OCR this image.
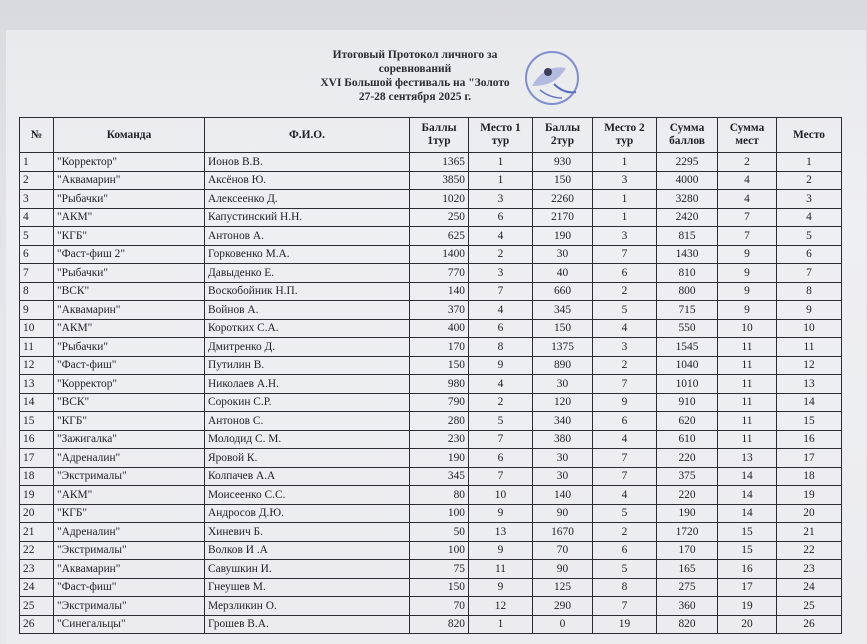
Итоговый Протокол личного за
соревнований
XVI Большой фестиваль на "Золото
27-28 сентября 2025 г.
№	Команда	Ф.И.О.	Баллы 1тур	Место 1 тур	Баллы 2тур	Место 2 тур	Сумма баллов	Сумма мест	Место
1	"Корректор"	Ионов В.В.	1365	1	930	1	2295	2	1
2	"Аквамарин"	Аксёнов Ю.	3850	1	150	3	4000	4	2
3	"Рыбачки"	Алексеенко Д.	1020	3	2260	1	3280	4	3
4	"АКМ"	Капустинский Н.Н.	250	6	2170	1	2420	7	4
5	"КГБ"	Антонов А.	625	4	190	3	815	7	5
6	"Фаст-фиш 2"	Горковенко М.А.	1400	2	30	7	1430	9	6
7	"Рыбачки"	Давыденко Е.	770	3	40	6	810	9	7
8	"ВСК"	Воскобойник Н.П.	140	7	660	2	800	9	8
9	"Аквамарин"	Войнов А.	370	4	345	5	715	9	9
10	"АКМ"	Коротких С.А.	400	6	150	4	550	10	10
11	"Рыбачки"	Дмитренко Д.	170	8	1375	3	1545	11	11
12	"Фаст-фиш"	Путилин В.	150	9	890	2	1040	11	12
13	"Корректор"	Николаев А.Н.	980	4	30	7	1010	11	13
14	"ВСК"	Сорокин С.Р.	790	2	120	9	910	11	14
15	"КГБ"	Антонов С.	280	5	340	6	620	11	15
16	"Зажигалка"	Молодид С. М.	230	7	380	4	610	11	16
17	"Адреналин"	Яровой К.	190	6	30	7	220	13	17
18	"Экстрималы"	Колпачев А.А	345	7	30	7	375	14	18
19	"АКМ"	Моисеенко С.С.	80	10	140	4	220	14	19
20	"КГБ"	Андросов Д.Ю.	100	9	90	5	190	14	20
21	"Адреналин"	Хиневич Б.	50	13	1670	2	1720	15	21
22	"Экстрималы"	Волков И .А	100	9	70	6	170	15	22
23	"Аквамарин"	Савушкин И.	75	11	90	5	165	16	23
24	"Фаст-фиш"	Гнеушев М.	150	9	125	8	275	17	24
25	"Экстрималы"	Мерзликин О.	70	12	290	7	360	19	25
26	"Синегальцы"	Грошев В.А.	820	1	0	19	820	20	26
